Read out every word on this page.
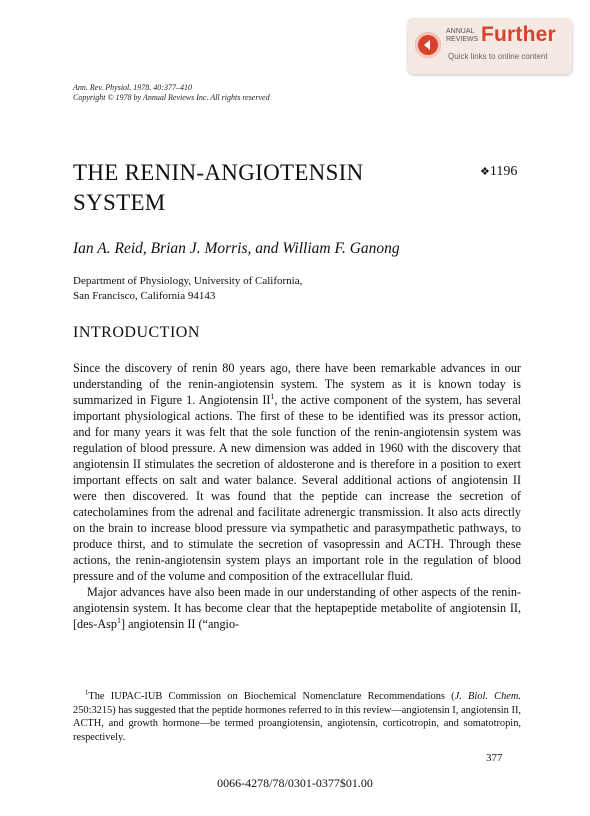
ANNUAL
REVIEWS Further
Quick links to online content
Ann. Rev. Physiol. 1978. 40:377–410
Copyright © 1978 by Annual Reviews Inc. All rights reserved
THE RENIN-ANGIOTENSIN
SYSTEM
❖1196
Ian A. Reid, Brian J. Morris, and William F. Ganong
Department of Physiology, University of California,
San Francisco, California 94143
INTRODUCTION

Since the discovery of renin 80 years ago, there have been remarkable advances in our understanding of the renin-angiotensin system. The system as it is known today is summarized in Figure 1. Angiotensin $II^1$, the active component of the system, has several important physiological actions. The first of these to be identified was its pressor action, and for many years it was felt that the sole function of the renin-angiotensin system was regulation of blood pressure. A new dimension was added in 1960 with the discovery that angiotensin II stimulates the secretion of aldosterone and is therefore in a position to exert important effects on salt and water balance. Several additional actions of angiotensin II were then discovered. It was found that the peptide can increase the secretion of catecholamines from the adrenal and facilitate adrenergic transmission. It also acts directly on the brain to increase blood pressure via sympathetic and parasympathetic pathways, to produce thirst, and to stimulate the secretion of vasopressin and ACTH. Through these actions, the renin-angiotensin system plays an important role in the regulation of blood pressure and of the volume and composition of the extracellular fluid.

Major advances have also been made in our understanding of other aspects of the renin-angiotensin system. It has become clear that the heptapeptide metabolite of angiotensin II, [des-Asp$^1$] angiotensin II (“angio-

$^1$The IUPAC-IUB Commission on Biochemical Nomenclature Recommendations (J. Biol. Chem. 250:3215) has suggested that the peptide hormones referred to in this review—angiotensin I, angiotensin II, ACTH, and growth hormone—be termed proangiotensin, angiotensin, corticotropin, and somatotropin, respectively.

377
0066-4278/78/0301-0377$01.00
